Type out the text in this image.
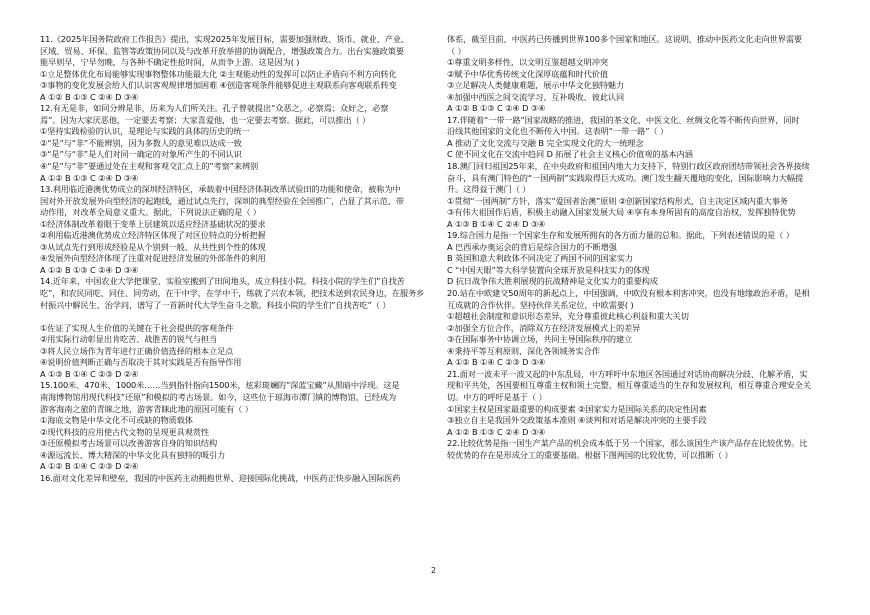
11.《2025年国务院政府工作报告》提出，实现2025年发展目标，需要加强财政、货币、就业、产业、
区域、贸易、环保、监管等政策协同以及与改革开放举措的协调配合，增强政策合力。出台实施政策要
能早则早，宁早勿晚，与各种不确定性抢时间，从而争上游。这是因为( )
①立足整体优化布局能够实现事物整体功能最大化 ②主观能动性的发挥可以防止矛盾向不利方向转化
③事物的变化发展会给人们认识客观规律增加困难 ④创造客观条件能够促进主观联系向客观联系转变
A ①② B ①③ C ②④ D ③④
12.有无是非，如同分辨是非，历来为人们所关注。孔子曾就提出“众恶之，必察焉；众好之，必察
焉”。因为大家厌恶他，一定要去考察；大家喜爱他，也一定要去考察。据此，可以推出（ ）
①坚持实践检验的认识，是理论与实践的具体的历史的统一
②“是”与“非”不能辨别，因为多数人的意见难以达成一致
③“是”与“非”是人们对同一确定的对象所产生的不同认识
④“是”与“非”要通过处在主观和客观交汇点上的”考察”来辨别
A ①② B ①③ C ②④ D ③④
13.利用临近港澳优势成立的深圳经济特区，承载着中国经济体制改革试验田的功能和使命，被称为中
国对外开放发展外向型经济的起跑线，通过试点先行，深圳的典型经验在全国推广，凸显了其示范、带
动作用，对改革全局意义重大。据此，下列说法正确的是（ ）
①经济体制改革着眼于变革上层建筑以适应经济基础状况的要求
②利用临近港澳优势成立经济特区体现了对区位特点的分析把握
③从试点先行到形成经验是从个别到一般、从共性到个性的体现
④发展外向型经济体现了注重对促进经济发展的外部条件的利用
A ①② B ①③ C ②④ D ③④
14.近年来，中国农业大学把课堂、实验室搬到了田间地头，成立科技小院。科技小院的学生们”自找苦
吃”，和农民同吃、同住、同劳动，在干中学，在学中干，练就了兴农本领，把技术送到农民身边，在服务乡
村振兴中解民生、治学问，谱写了一首新时代大学生奋斗之歌。科技小院的学生们”自找苦吃”（ ）

①佐证了实现人生价值的关键在于社会提供的客观条件
②用实际行动彰显出肯吃苦、战胜苦的锐气与担当
③将人民立场作为青年进行正确价值选择的根本立足点
④说明价值判断正确与否取决于其对实践是否有指导作用
A ①③ B ①④ C ②③ D ②④
15.100米、470米、1000米……当到指针指向1500米，炫彩斑斓的”深蓝宝藏”从黑暗中浮现。这是
南海博物馆用现代科技”还原”和模拟的考古场景。如今，这些位于琼海市潭门镇的博物馆，已经成为
游客海南之旅的青睐之地，游客青睐此地的原因可能有（ ）
①海底文物是中华文化不可或缺的物质载体
②现代科技的应用使古代文物的呈现更具观赏性
③还原模拟考古场景可以改善游客自身的知识结构
④源远流长、博大精深的中华文化具有独特的吸引力
A ①② B ①④ C ②③ D ②④
16.面对文化差异和壁垒，我国的中医药主动拥抱世界、迎接国际化挑战，中医药正快步融入国际医药
体系，截至目前，中医药已传播到世界100多个国家和地区。这说明，推动中医药文化走向世界需要
（ ）
①尊重文明多样性，以文明互鉴超越文明冲突
②赋予中华优秀传统文化深厚底蕴和时代价值
③立足解决人类健康难题，展示中华文化独特魅力
④加强中西医之间交流学习、互补吸收、彼此认同
A ①② B ①③ C ②④ D ③④
17.伴随着“一带一路”国家战略的推进，我国的茶文化、中医文化、丝绸文化等不断传向世界，同时
沿线其他国家的文化也不断传入中国。这表明“一带一路”（ ）
A 推动了文化交流与交融 B 完全实现文化的大一统理念
C 使不同文化在交流中趋同 D 拓展了社会主义核心价值观的基本内涵
18.澳门回归祖国25年来，在中央政府和祖国内地大力支持下，特别行政区政府团结带领社会各界接续
奋斗，具有澳门特色的“一国两制”实践取得巨大成功。澳门发生翻天覆地的变化，国际影响力大幅提
升。这得益于澳门（ ）
①贯彻“一国两制”方针，落实”爱国者治澳”原则 ②创新国家结构形式，自主决定区域内重大事务
③有伟大祖国作后盾，积极主动融入国家发展大局 ④享有本身所固有的高度自治权，发挥独特优势
A ①③ B ①④ C ②④ D ③④
19.综合国力是指一个国家生存和发展所拥有的各方面力量的总和。据此，下列表述错误的是（ ）
A 巴西承办奥运会的背后是综合国力的不断增强
B 英国和意大利政体不同决定了两国不同的国家实力
C “中国天眼”等大科学装置向全球开放是科技实力的体现
D 抗日战争伟大胜利展现的抗战精神是文化实力的重要构成
20.站在中欧建交50周年的新起点上，中国强调，中欧没有根本利害冲突，也没有地缘政治矛盾，是相
互成就的合作伙伴。坚持伙伴关系定位，中欧需要( )
①超越社会制度和意识形态差异，充分尊重彼此核心利益和重大关切
②加强全方位合作，消除双方在经济发展模式上的差异
③在国际事务中协调立场，共同主导国际秩序的建立
④秉持平等互利原则，深化各领域务实合作
A ①② B ①④ C ②③ D ③④
21.面对一波未平一波又起的中东乱局，中方呼吁中东地区各国通过对话协商解决分歧、化解矛盾，实
现和平共处，各国要相互尊重主权和领土完整，相互尊重适当的生存和发展权利，相互尊重合理安全关
切。中方的呼吁是基于（ ）
①国家主权是国家最重要的构成要素 ②国家实力是国际关系的决定性因素
③独立自主是我国外交政策基本准则 ④谈判和对话是解决冲突的主要手段
A ①② B ①③ C ②④ D ③④
22.比较优势是指一国生产某产品的机会成本低于另一个国家，那么该国生产该产品存在比较优势。比
较优势的存在是形成分工的重要基础。根据下图两国的比较优势，可以推断（ ）
2
